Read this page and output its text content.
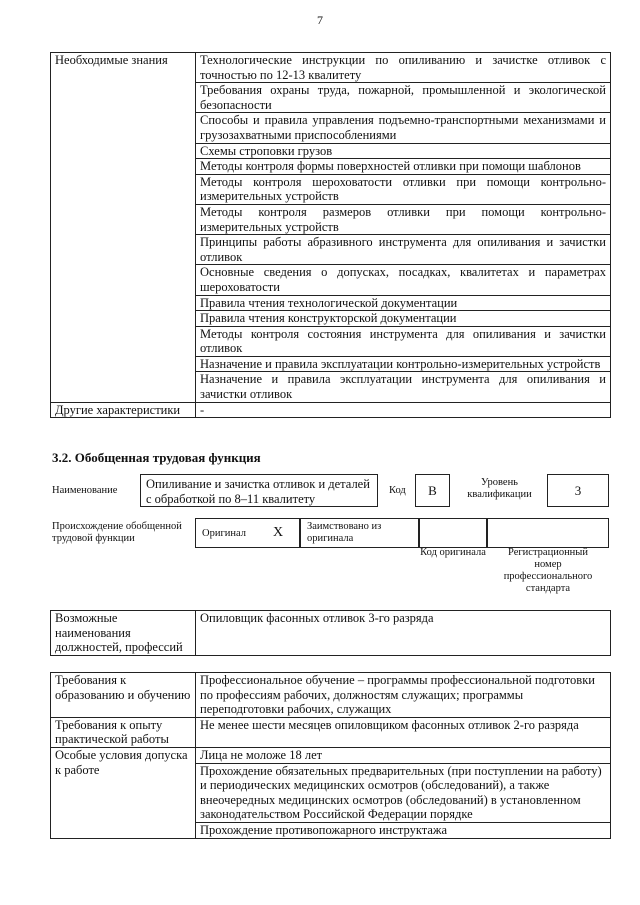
7
Необходимые знания	Технологические инструкции по опиливанию и зачистке отливок с точностью по 12-13 квалитету
	Требования охраны труда, пожарной, промышленной и экологической безопасности
	Способы и правила управления подъемно-транспортными механизмами и грузозахватными приспособлениями
	Схемы строповки грузов
	Методы контроля формы поверхностей отливки при помощи шаблонов
	Методы контроля шероховатости отливки при помощи контрольно-измерительных устройств
	Методы контроля размеров отливки при помощи контрольно-измерительных устройств
	Принципы работы абразивного инструмента для опиливания и зачистки отливок
	Основные сведения о допусках, посадках, квалитетах и параметрах шероховатости
	Правила чтения технологической документации
	Правила чтения конструкторской документации
	Методы контроля состояния инструмента для опиливания и зачистки отливок
	Назначение и правила эксплуатации контрольно-измерительных устройств
	Назначение и правила эксплуатации инструмента для опиливания и зачистки отливок
Другие характеристики	-
3.2. Обобщенная трудовая функция
Наименование	Опиливание и зачистка отливок и деталей с обработкой по 8–11 квалитету
Код	В
Уровень квалификации	3
Происхождение обобщенной трудовой функции	Оригинал Х	Заимствовано из оригинала
Код оригинала	Регистрационный номер профессионального стандарта
Возможные наименования должностей, профессий	Опиловщик фасонных отливок 3-го разряда
Требования к образованию и обучению	Профессиональное обучение – программы профессиональной подготовки по профессиям рабочих, должностям служащих; программы переподготовки рабочих, служащих
Требования к опыту практической работы	Не менее шести месяцев опиловщиком фасонных отливок 2-го разряда
Особые условия допуска к работе	Лица не моложе 18 лет
	Прохождение обязательных предварительных (при поступлении на работу) и периодических медицинских осмотров (обследований), а также внеочередных медицинских осмотров (обследований) в установленном законодательством Российской Федерации порядке
	Прохождение противопожарного инструктажа
